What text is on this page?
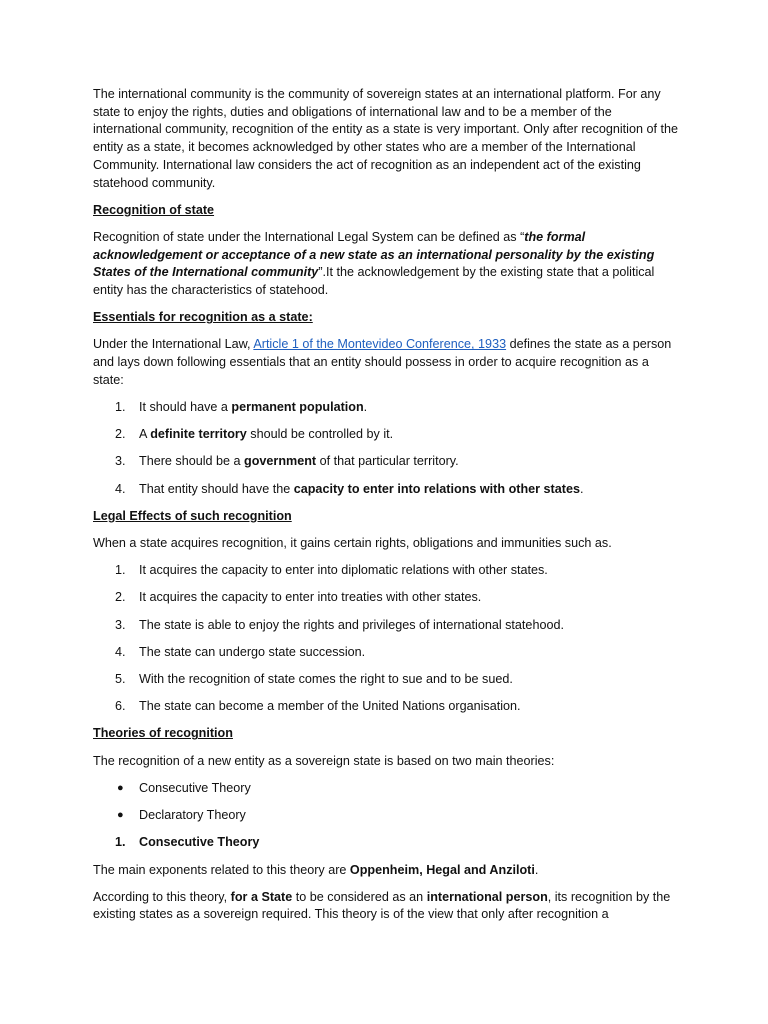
The international community is the community of sovereign states at an international platform. For any state to enjoy the rights, duties and obligations of international law and to be a member of the international community, recognition of the entity as a state is very important. Only after recognition of the entity as a state, it becomes acknowledged by other states who are a member of the International Community. International law considers the act of recognition as an independent act of the existing statehood community.

Recognition of state

Recognition of state under the International Legal System can be defined as “the formal acknowledgement or acceptance of a new state as an international personality by the existing States of the International community”.It the acknowledgement by the existing state that a political entity has the characteristics of statehood.

Essentials for recognition as a state:

Under the International Law, Article 1 of the Montevideo Conference, 1933 defines the state as a person and lays down following essentials that an entity should possess in order to acquire recognition as a state:

1. It should have a permanent population.
2. A definite territory should be controlled by it.
3. There should be a government of that particular territory.
4. That entity should have the capacity to enter into relations with other states.
Legal Effects of such recognition

When a state acquires recognition, it gains certain rights, obligations and immunities such as.

1. It acquires the capacity to enter into diplomatic relations with other states.
2. It acquires the capacity to enter into treaties with other states.
3. The state is able to enjoy the rights and privileges of international statehood.
4. The state can undergo state succession.
5. With the recognition of state comes the right to sue and to be sued.
6. The state can become a member of the United Nations organisation.
Theories of recognition

The recognition of a new entity as a sovereign state is based on two main theories:

● Consecutive Theory
● Declaratory Theory
1. Consecutive Theory

The main exponents related to this theory are Oppenheim, Hegal and Anziloti.

According to this theory, for a State to be considered as an international person, its recognition by the existing states as a sovereign required. This theory is of the view that only after recognition a
